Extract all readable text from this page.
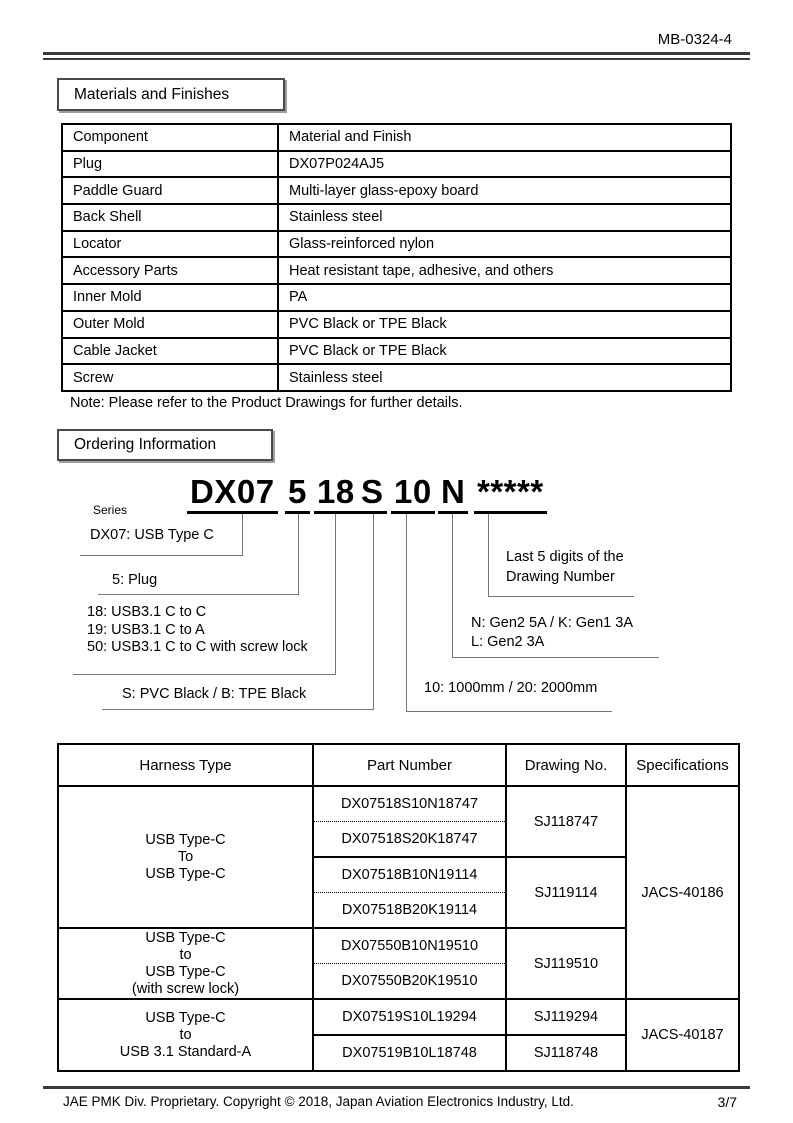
MB-0324-4
Materials and Finishes
Component	Material and Finish
Plug	DX07P024AJ5
Paddle Guard	Multi-layer glass-epoxy board
Back Shell	Stainless steel
Locator	Glass-reinforced nylon
Accessory Parts	Heat resistant tape, adhesive, and others
Inner Mold	PA
Outer Mold	PVC Black or TPE Black
Cable Jacket	PVC Black or TPE Black
Screw	Stainless steel
Note: Please refer to the Product Drawings for further details.
Ordering Information
DX07 5 18 S 10 N *****
Series
DX07: USB Type C
5: Plug
18: USB3.1 C to C
19: USB3.1 C to A
50: USB3.1 C to C with screw lock
S: PVC Black / B: TPE Black	10: 1000mm / 20: 2000mm
N: Gen2 5A / K: Gen1 3A
L: Gen2 3A
Last 5 digits of the
Drawing Number
Harness Type	Part Number	Drawing No.	Specifications

USB Type-C
To
USB Type-C	DX07518S10N18747	SJ118747	JACS-40186
	DX07518S20K18747		
	DX07518B10N19114	SJ119114	
	DX07518B20K19114		

USB Type-C
to
USB Type-C
(with screw lock)	DX07550B10N19510	SJ119510	
	DX07550B20K19510		

USB Type-C
to
USB 3.1 Standard-A	DX07519S10L19294	SJ119294	JACS-40187
	DX07519B10L18748	SJ118748	
JAE PMK Div. Proprietary. Copyright © 2018, Japan Aviation Electronics Industry, Ltd.	3/7
